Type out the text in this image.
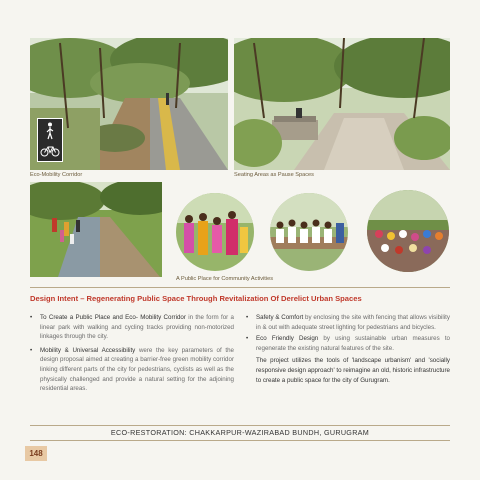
Eco-Mobility Corridor	Seating Areas as Pause Spaces
A Public Place for Community Activities
Design Intent – Regenerating Public Space Through Revitalization Of Derelict Urban Spaces
•	To Create a Public Place and Eco- Mobility Corridor in the form for a linear park with walking and cycling tracks providing non-motorized linkages through the city.
•	Mobility & Universal Accessibility were the key parameters of the design proposal aimed at creating a barrier-free green mobility corridor linking different parts of the city for pedestrians, cyclists as well as the physically challenged and provide a natural setting for the adjoining residential areas.
•	Safety & Comfort by enclosing the site with fencing that allows visibility in & out with adequate street lighting for pedestrians and bicycles.
•	Eco Friendly Design by using sustainable urban measures to regenerate the existing natural features of the site.
The project utilizes the tools of 'landscape urbanism' and 'socially responsive design approach' to reimagine an old, historic infrastructure to create a public space for the city of Gurugram.
ECO-RESTORATION: CHAKKARPUR-WAZIRABAD BUNDH, GURUGRAM
148
